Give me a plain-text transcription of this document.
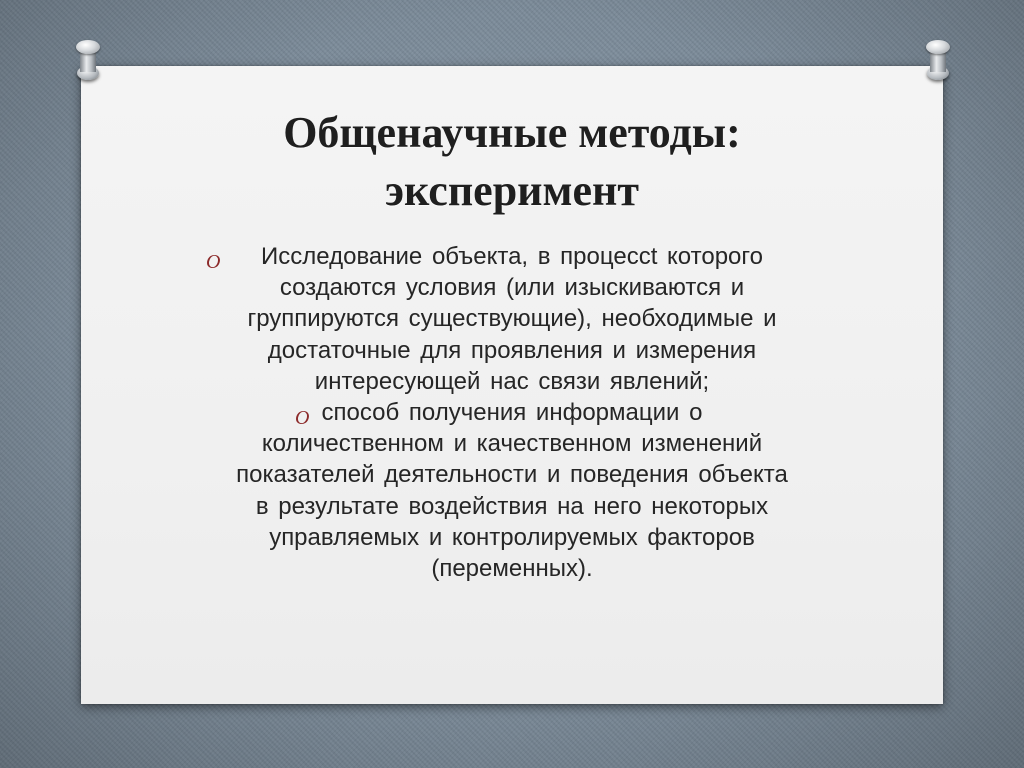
Общенаучные методы:
эксперимент
O	Исследование объекта, в процессt которого
создаются условия (или изыскиваются и
группируются существующие), необходимые и
достаточные для проявления и измерения
интересующей нас связи явлений;
O способ получения информации о
количественном и качественном изменений
показателей деятельности и поведения объекта
в результате воздействия на него некоторых
управляемых и контролируемых факторов
(переменных).
